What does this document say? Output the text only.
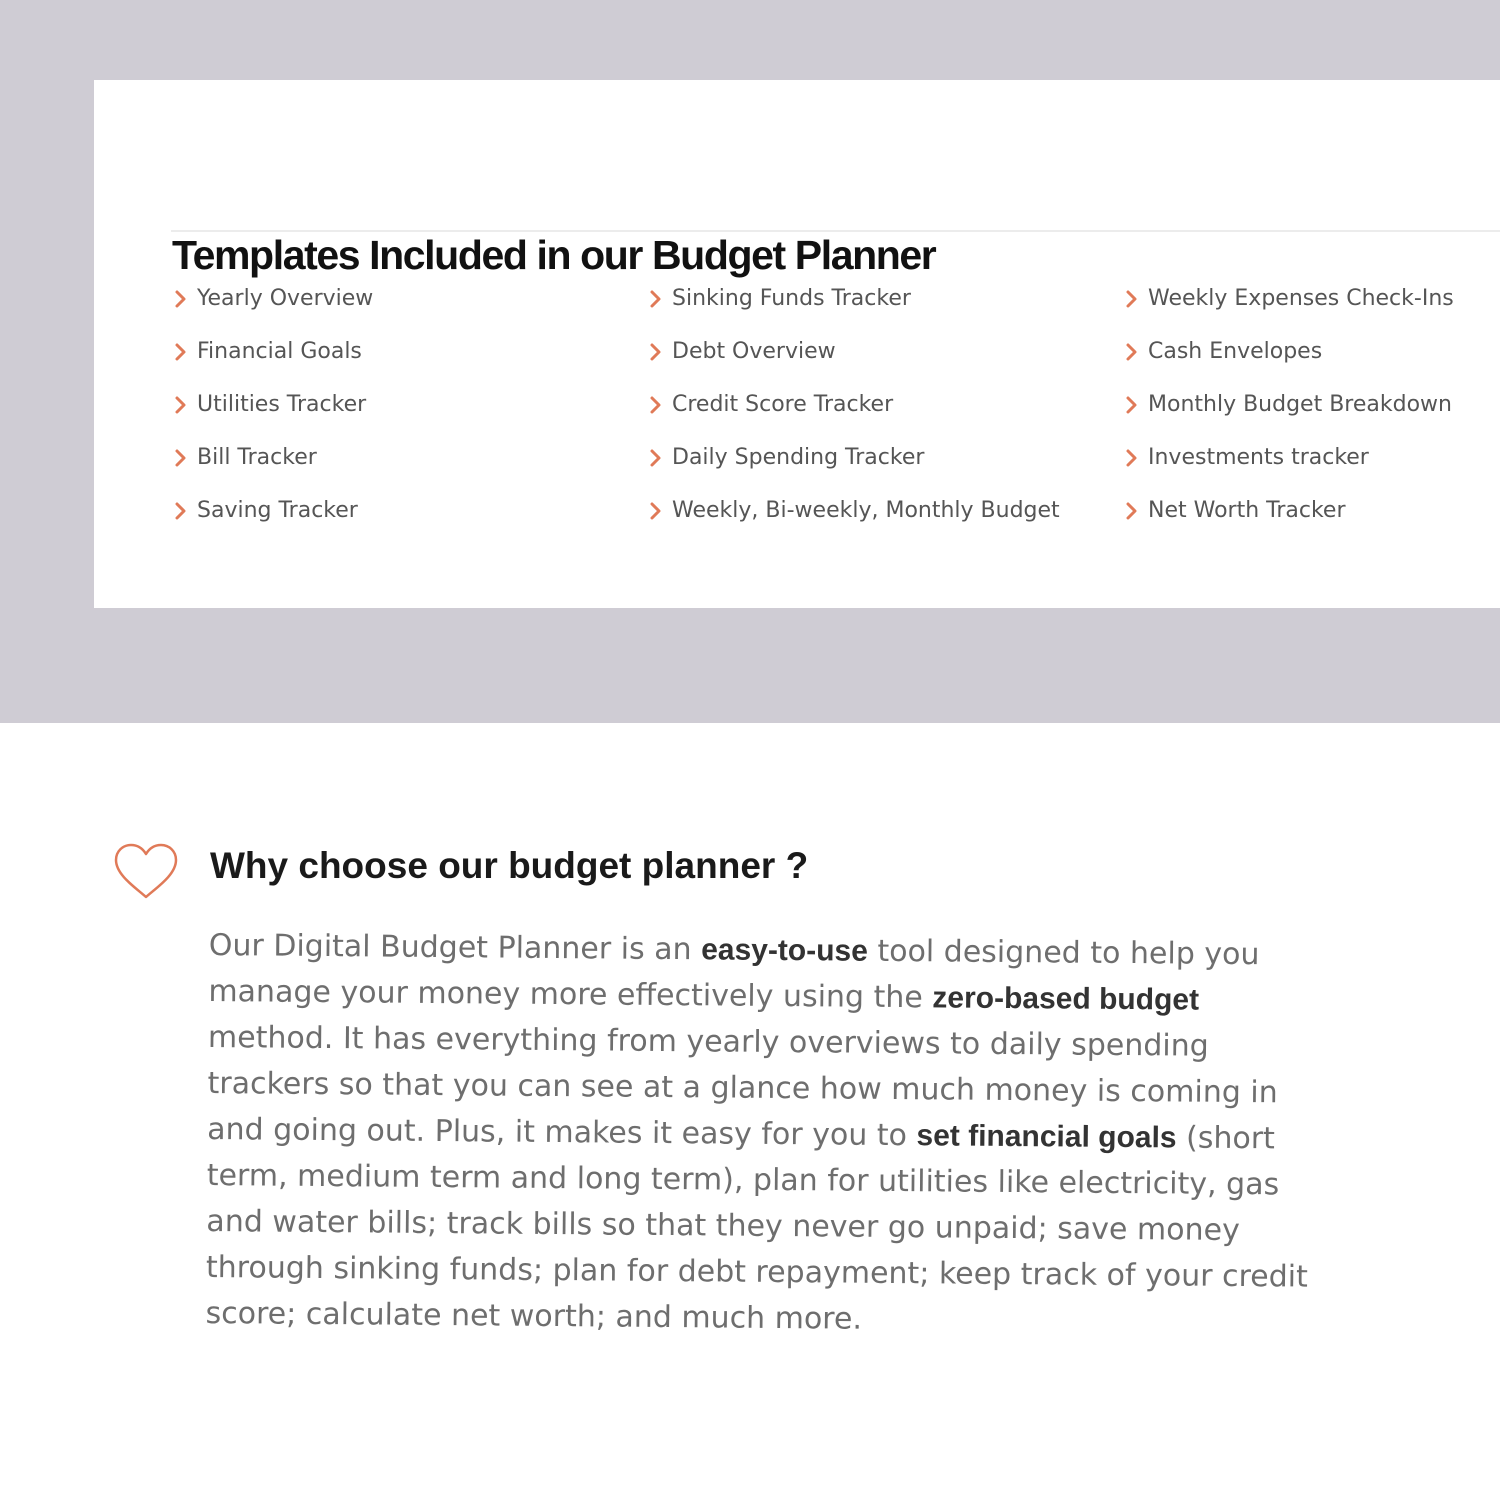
Templates Included in our Budget Planner
Yearly Overview
Financial Goals
Utilities Tracker
Bill Tracker
Saving Tracker
Sinking Funds Tracker
Debt Overview
Credit Score Tracker
Daily Spending Tracker
Weekly, Bi-weekly, Monthly Budget
Weekly Expenses Check-Ins
Cash Envelopes
Monthly Budget Breakdown
Investments tracker
Net Worth Tracker
Why choose our budget planner ?

Our Digital Budget Planner is an easy-to-use tool designed to help you manage your money more effectively using the zero-based budget method. It has everything from yearly overviews to daily spending trackers so that you can see at a glance how much money is coming in and going out. Plus, it makes it easy for you to set financial goals (short term, medium term and long term), plan for utilities like electricity, gas and water bills; track bills so that they never go unpaid; save money through sinking funds; plan for debt repayment; keep track of your credit score; calculate net worth; and much more.
